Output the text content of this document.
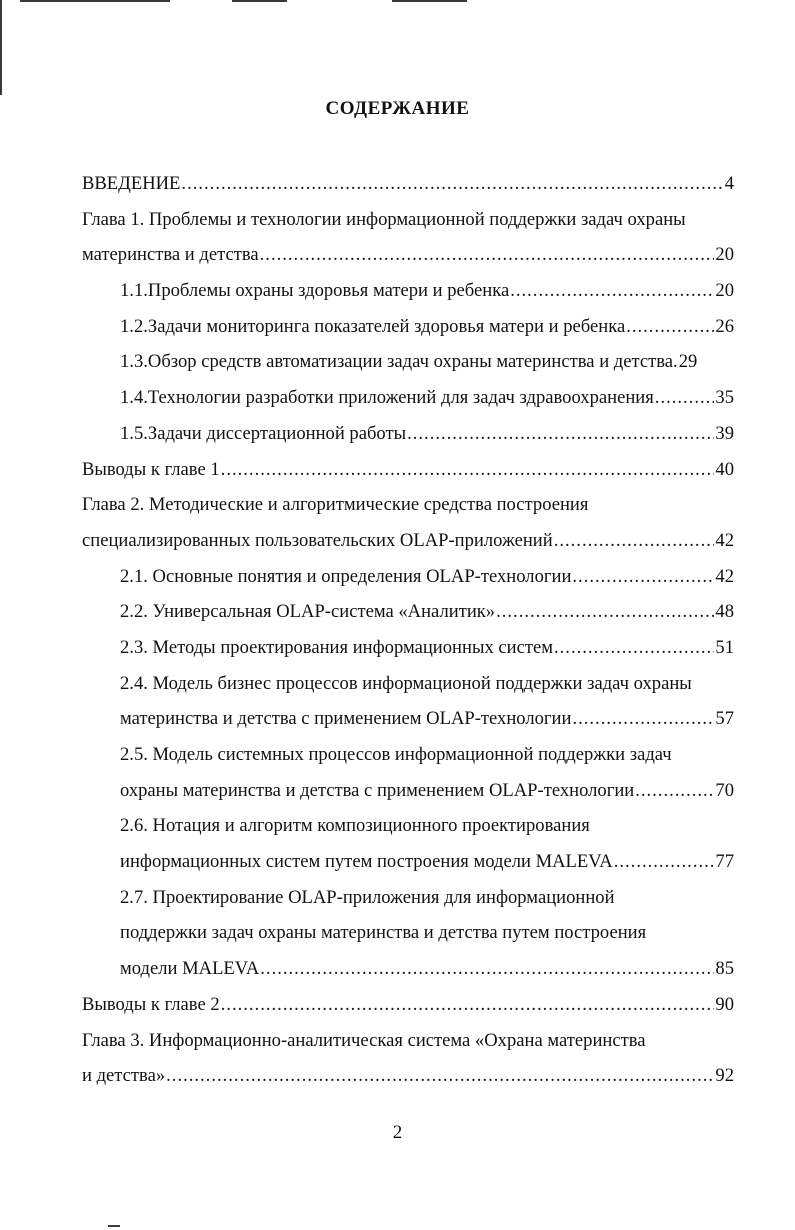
СОДЕРЖАНИЕ
ВВЕДЕНИЕ .....	4
Глава 1. Проблемы и технологии информационной поддержки задач охраны
материнства и детства .....	20
1.1.Проблемы охраны здоровья матери и ребенка .....	20
1.2.Задачи мониторинга показателей здоровья матери и ребенка .....	26
1.3.Обзор средств автоматизации задач охраны материнства и детства. 29
1.4.Технологии разработки приложений для задач здравоохранения .....	35
1.5.Задачи диссертационной работы .....	39
Выводы к главе 1 .....	40
Глава 2. Методические и алгоритмические средства построения
специализированных пользовательских OLAP-приложений .....	42
2.1. Основные понятия и определения OLAP-технологии .....	42
2.2. Универсальная OLAP-система «Аналитик» .....	48
2.3. Методы проектирования информационных систем .....	51
2.4. Модель бизнес процессов информационой поддержки задач охраны
материнства и детства с применением OLAP-технологии .....	57
2.5. Модель системных процессов информационной поддержки задач
охраны материнства и детства с применением OLAP-технологии .....	70
2.6. Нотация и алгоритм композиционного проектирования
информационных систем путем построения модели MALEVA .....	77
2.7. Проектирование OLAP-приложения для информационной
поддержки задач охраны материнства и детства путем построения
модели MALEVA .....	85
Выводы к главе 2 .....	90
Глава 3. Информационно-аналитическая система «Охрана материнства
и детства» .....	92
2
